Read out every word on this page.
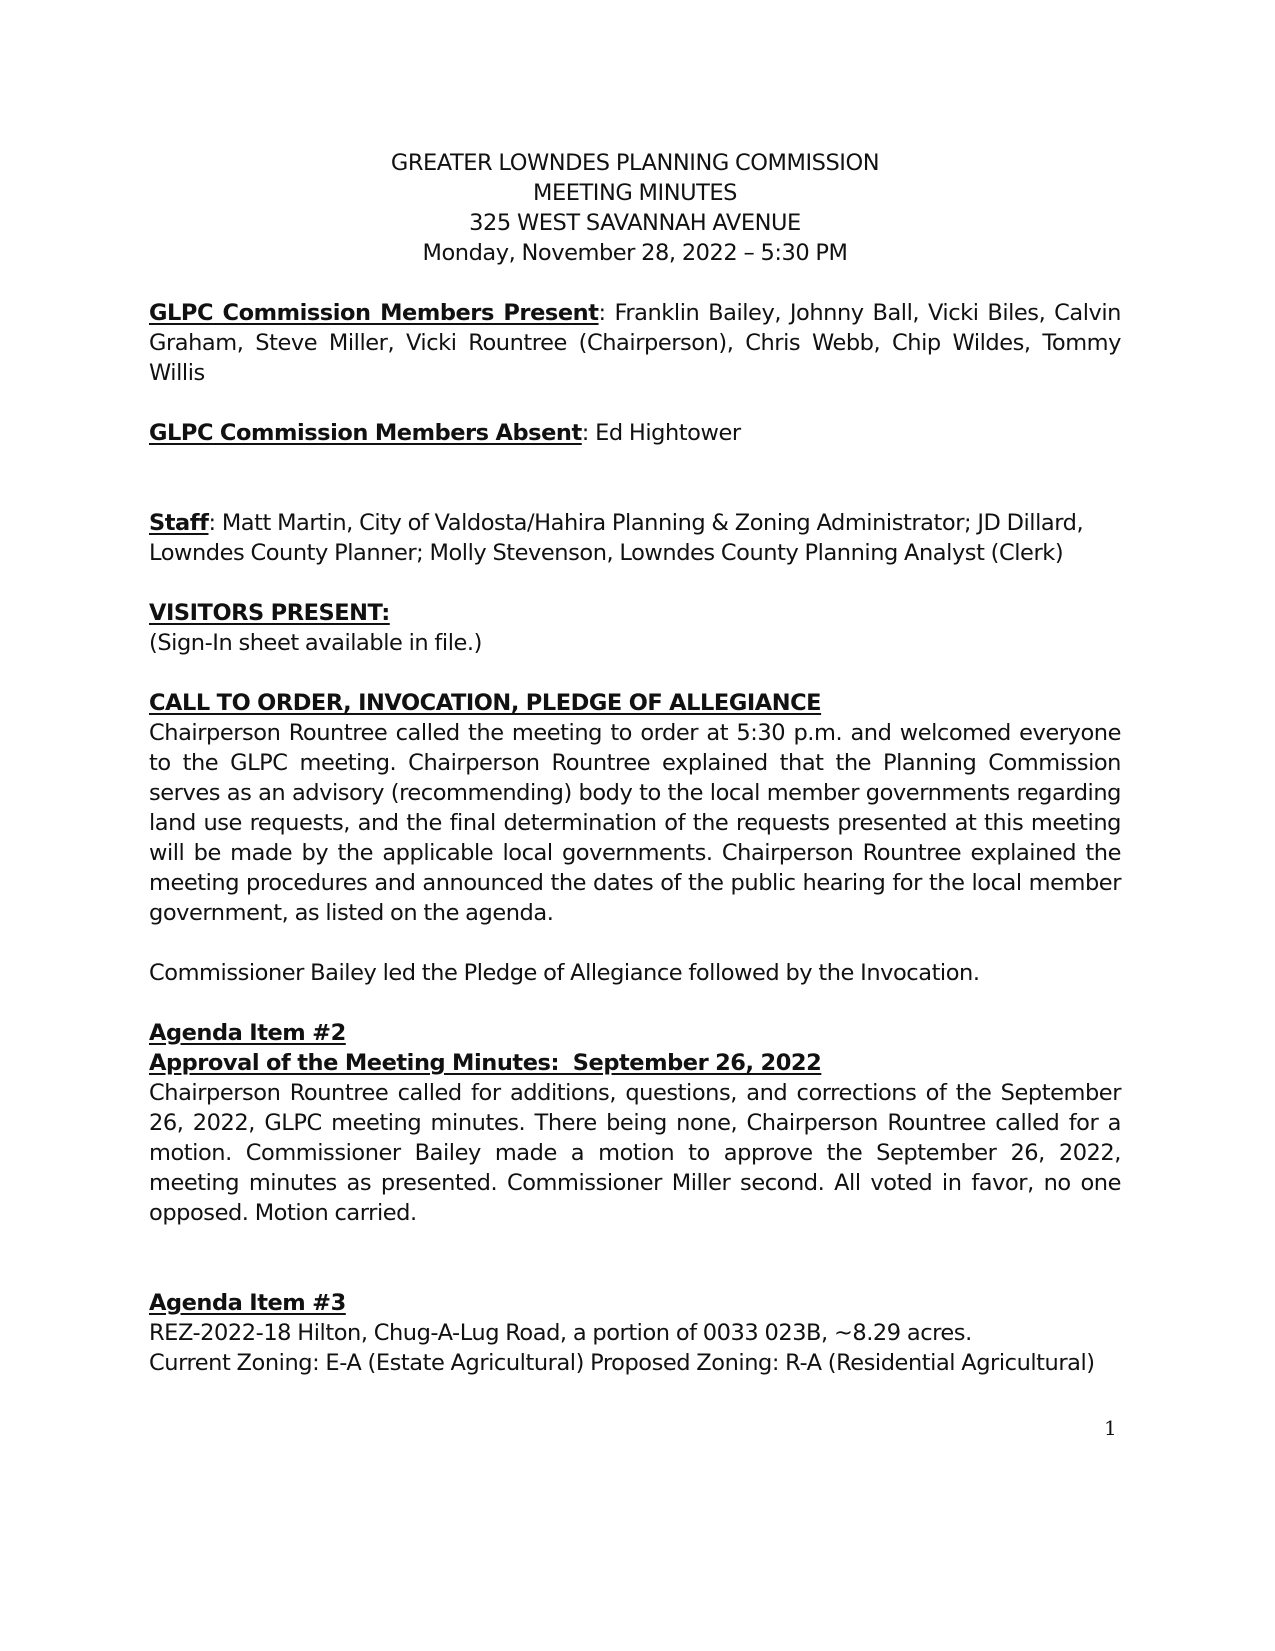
GREATER LOWNDES PLANNING COMMISSION
MEETING MINUTES
325 WEST SAVANNAH AVENUE
Monday, November 28, 2022 – 5:30 PM
GLPC Commission Members Present: Franklin Bailey, Johnny Ball, Vicki Biles, Calvin Graham, Steve Miller, Vicki Rountree (Chairperson), Chris Webb, Chip Wildes, Tommy Willis
GLPC Commission Members Absent: Ed Hightower
Staff: Matt Martin, City of Valdosta/Hahira Planning & Zoning Administrator; JD Dillard, Lowndes County Planner; Molly Stevenson, Lowndes County Planning Analyst (Clerk)
VISITORS PRESENT:
(Sign-In sheet available in file.)
CALL TO ORDER, INVOCATION, PLEDGE OF ALLEGIANCE
Chairperson Rountree called the meeting to order at 5:30 p.m. and welcomed everyone to the GLPC meeting. Chairperson Rountree explained that the Planning Commission serves as an advisory (recommending) body to the local member governments regarding land use requests, and the final determination of the requests presented at this meeting will be made by the applicable local governments. Chairperson Rountree explained the meeting procedures and announced the dates of the public hearing for the local member government, as listed on the agenda.
Commissioner Bailey led the Pledge of Allegiance followed by the Invocation.
Agenda Item #2
Approval of the Meeting Minutes:  September 26, 2022
Chairperson Rountree called for additions, questions, and corrections of the September 26, 2022, GLPC meeting minutes. There being none, Chairperson Rountree called for a motion. Commissioner Bailey made a motion to approve the September 26, 2022, meeting minutes as presented. Commissioner Miller second. All voted in favor, no one opposed. Motion carried.
Agenda Item #3
REZ-2022-18 Hilton, Chug-A-Lug Road, a portion of 0033 023B, ~8.29 acres.
Current Zoning: E-A (Estate Agricultural) Proposed Zoning: R-A (Residential Agricultural)
1
